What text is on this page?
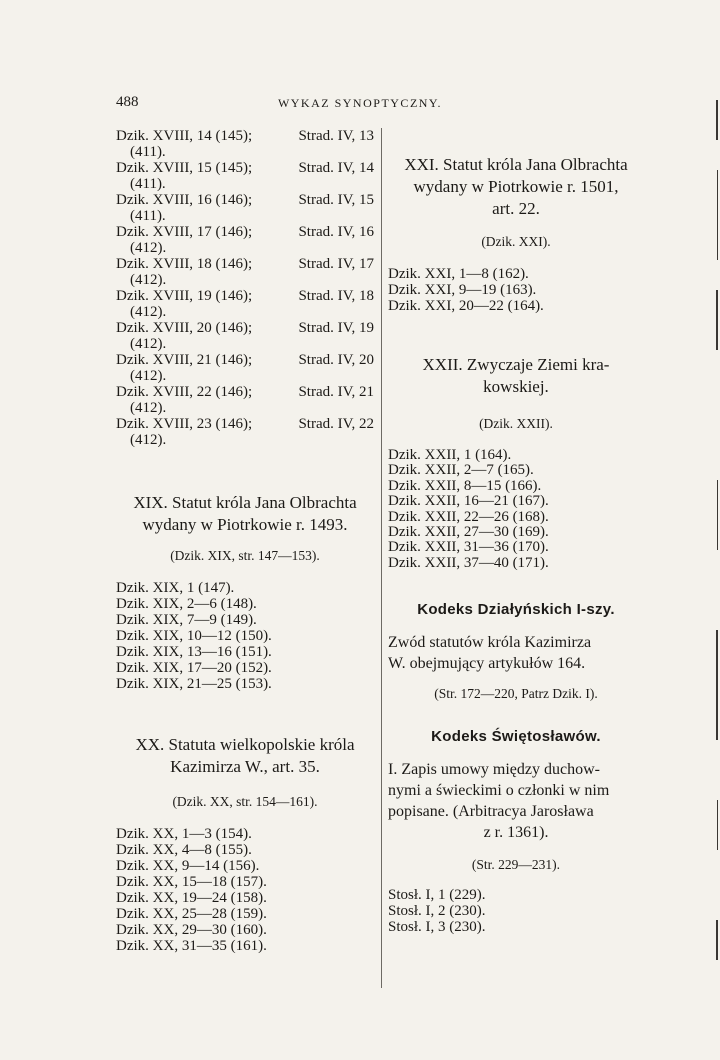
488	WYKAZ SYNOPTYCZNY.
Dzik. XVIII, 14 (145);	Strad. IV, 13
(411).
Dzik. XVIII, 15 (145);	Strad. IV, 14
(411).
Dzik. XVIII, 16 (146);	Strad. IV, 15
(411).
Dzik. XVIII, 17 (146);	Strad. IV, 16
(412).
Dzik. XVIII, 18 (146);	Strad. IV, 17
(412).
Dzik. XVIII, 19 (146);	Strad. IV, 18
(412).
Dzik. XVIII, 20 (146);	Strad. IV, 19
(412).
Dzik. XVIII, 21 (146);	Strad. IV, 20
(412).
Dzik. XVIII, 22 (146);	Strad. IV, 21
(412).
Dzik. XVIII, 23 (146);	Strad. IV, 22
(412).

XIX. Statut króla Jana Olbrachta

wydany w Piotrkowie r. 1493.

(Dzik. XIX, str. 147—153).

Dzik. XIX, 1 (147).
Dzik. XIX, 2—6 (148).
Dzik. XIX, 7—9 (149).
Dzik. XIX, 10—12 (150).
Dzik. XIX, 13—16 (151).
Dzik. XIX, 17—20 (152).
Dzik. XIX, 21—25 (153).

XX. Statuta wielkopolskie króla

Kazimirza W., art. 35.

(Dzik. XX, str. 154—161).

Dzik. XX, 1—3 (154).
Dzik. XX, 4—8 (155).
Dzik. XX, 9—14 (156).
Dzik. XX, 15—18 (157).
Dzik. XX, 19—24 (158).
Dzik. XX, 25—28 (159).
Dzik. XX, 29—30 (160).
Dzik. XX, 31—35 (161).

XXI. Statut króla Jana Olbrachta

wydany w Piotrkowie r. 1501,

art. 22.

(Dzik. XXI).

Dzik. XXI, 1—8 (162).
Dzik. XXI, 9—19 (163).
Dzik. XXI, 20—22 (164).

XXII. Zwyczaje Ziemi kra-

kowskiej.

(Dzik. XXII).

Dzik. XXII, 1 (164).
Dzik. XXII, 2—7 (165).
Dzik. XXII, 8—15 (166).
Dzik. XXII, 16—21 (167).
Dzik. XXII, 22—26 (168).
Dzik. XXII, 27—30 (169).
Dzik. XXII, 31—36 (170).
Dzik. XXII, 37—40 (171).

Kodeks Działyńskich I-szy.

Zwód statutów króla Kazimirza

W. obejmujący artykułów 164.

(Str. 172—220, Patrz Dzik. I).

Kodeks Świętosławów.

I. Zapis umowy między duchow-

nymi a świeckimi o członki w nim

popisane. (Arbitracya Jarosława

z r. 1361).

(Str. 229—231).

Stosł. I, 1 (229).
Stosł. I, 2 (230).
Stosł. I, 3 (230).
